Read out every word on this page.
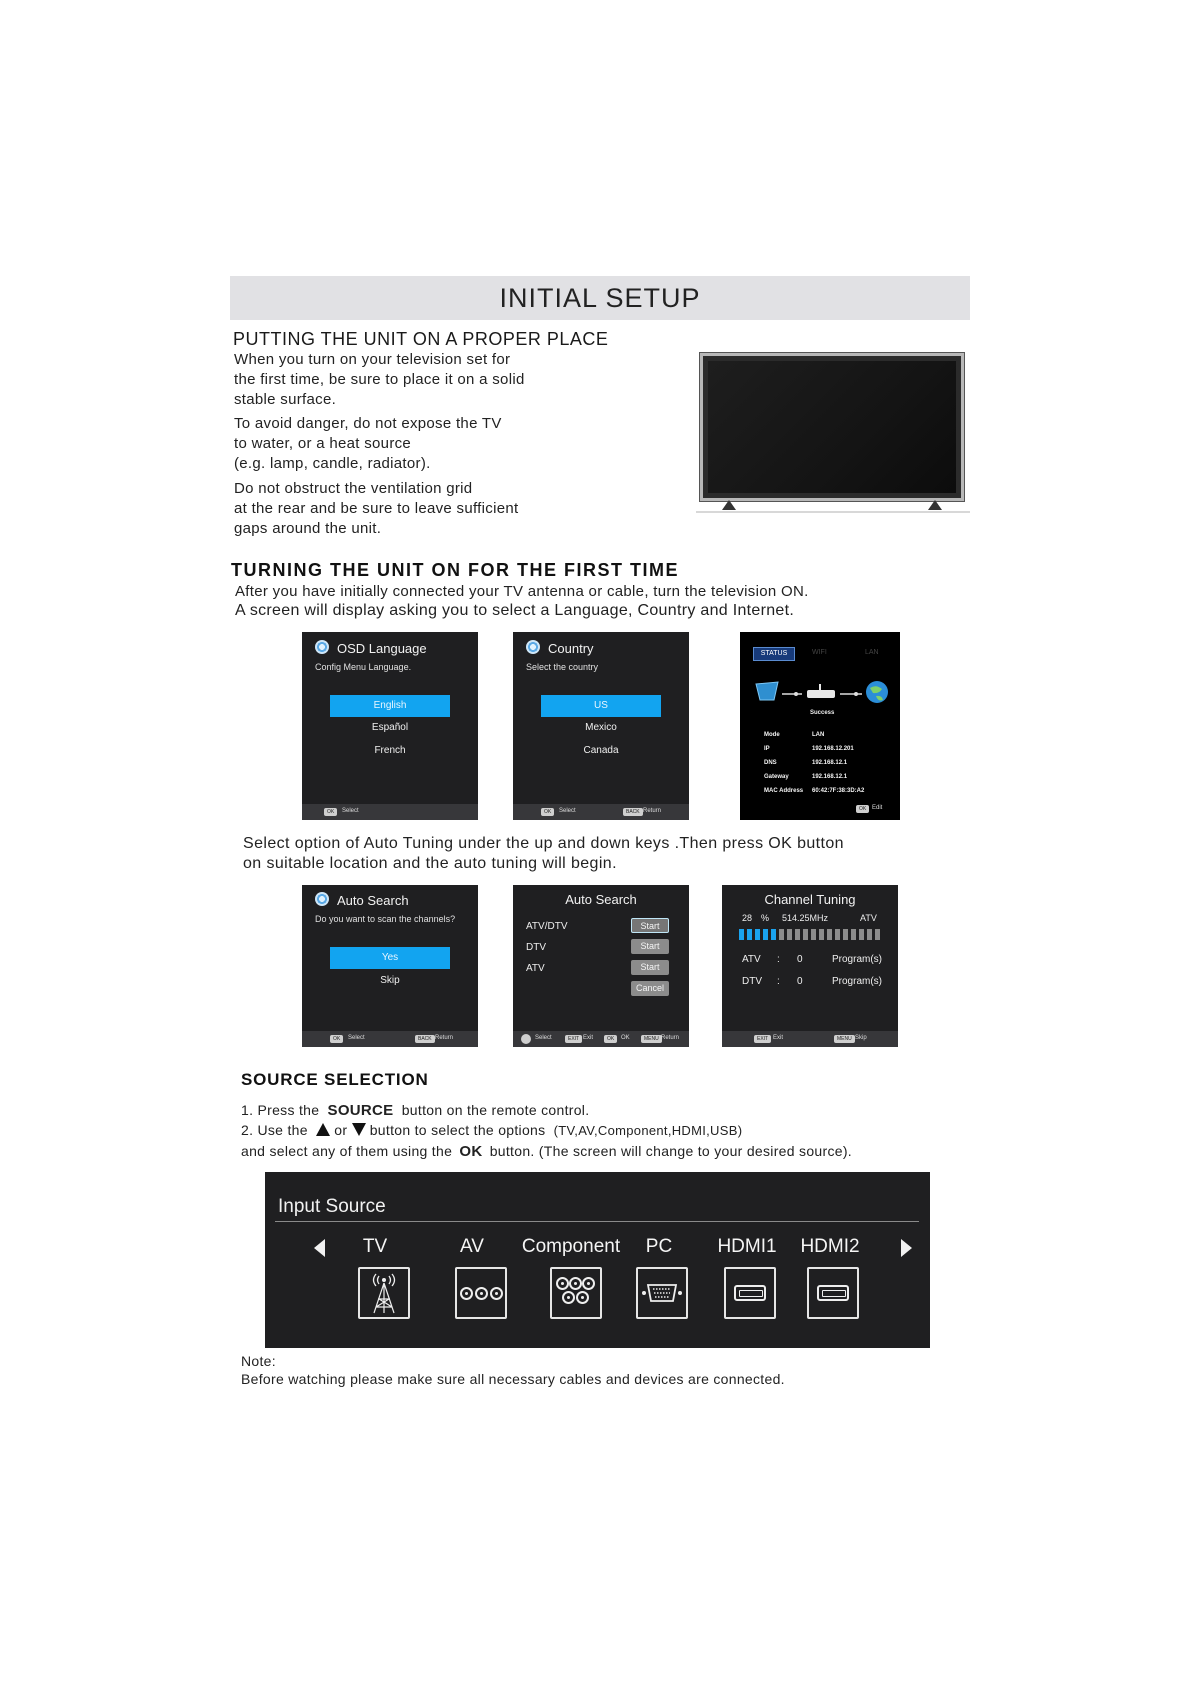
INITIAL SETUP
PUTTING THE UNIT ON A PROPER PLACE
When you turn on your television set for
the first time, be sure to place it on a solid
stable surface.
To avoid danger, do not expose the TV
to water, or a heat source
(e.g. lamp, candle, radiator).
Do not obstruct the ventilation grid
at the rear and be sure to leave sufficient
gaps around the unit.
TURNING THE UNIT ON FOR THE FIRST TIME
After you have initially connected your TV antenna or cable, turn the television ON.
A screen will display asking you to select a Language, Country and Internet.
OSD Language
Config Menu Language.
English
Español
French
OK	Select
Country
Select the country
US
Mexico
Canada
OK	Select	BACK Return
STATUS	WIFI	LAN
Success
Mode	LAN
IP	192.168.12.201
DNS	192.168.12.1
Gateway	192.168.12.1
MAC Address 60:42:7F:38:3D:A2
OK Edit
Select option of Auto Tuning under the up and down keys .Then press OK button
on suitable location and the auto tuning will begin.
Auto Search
Do you want to scan the channels?
Yes
Skip
OK	Select	BACK Return
Auto Search
ATV/DTV	Start
DTV	Start
ATV	Start
Cancel
Select	EXIT Exit	OK	OK	MENU Return
Channel Tuning
28 % 514.25MHz	ATV
ATV : 0	Program(s)
DTV : 0	Program(s)
EXIT Exit	MENU Skip
SOURCE SELECTION
1. Press the SOURCE button on the remote control.
2. Use the or button to select the options (TV,AV,Component,HDMI,USB)
and select any of them using the OK button. (The screen will change to your desired source).
Input Source
TV	AV	Component	PC	HDMI1 HDMI2
Note:
Before watching please make sure all necessary cables and devices are connected.
